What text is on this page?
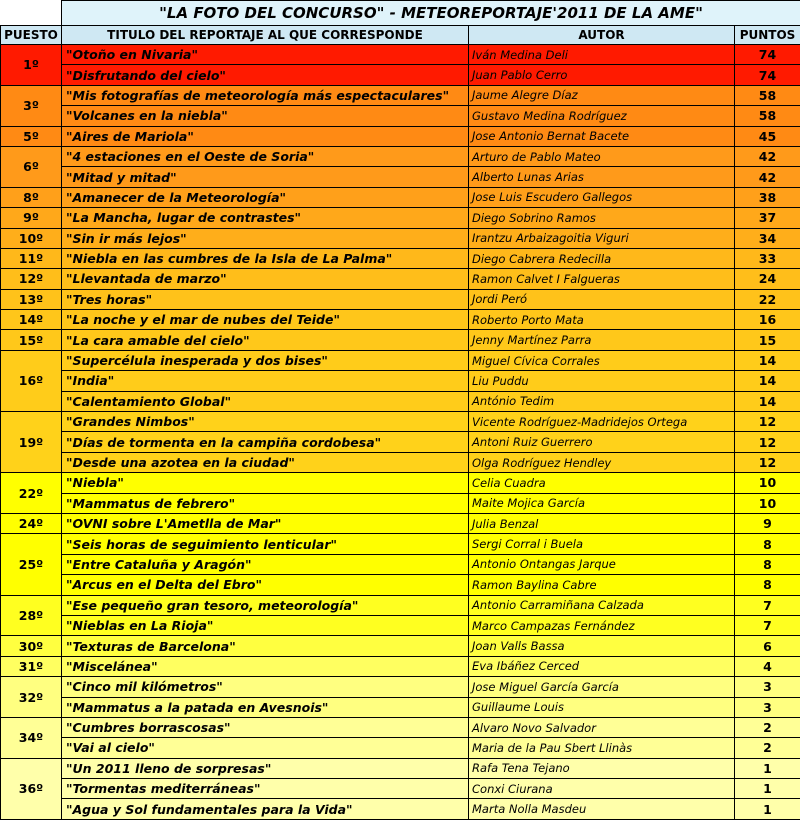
	"LA FOTO DEL CONCURSO" - METEOREPORTAJE'2011 DE LA AME"		
PUESTO	TITULO DEL REPORTAJE AL QUE CORRESPONDE	AUTOR	PUNTOS
1º	"Otoño en Nivaria"	Iván Medina Deli	74
	"Disfrutando del cielo"	Juan Pablo Cerro	74
3º	"Mis fotografías de meteorología más espectaculares"	Jaume Alegre Díaz	58
	"Volcanes en la niebla"	Gustavo Medina Rodríguez	58
5º	"Aires de Mariola"	Jose Antonio Bernat Bacete	45
6º	"4 estaciones en el Oeste de Soria"	Arturo de Pablo Mateo	42
	"Mitad y mitad"	Alberto Lunas Arias	42
8º	"Amanecer de la Meteorología"	Jose Luis Escudero Gallegos	38
9º	"La Mancha, lugar de contrastes"	Diego Sobrino Ramos	37
10º	"Sin ir más lejos"	Irantzu Arbaizagoitia Viguri	34
11º	"Niebla en las cumbres de la Isla de La Palma"	Diego Cabrera Redecilla	33
12º	"Llevantada de marzo"	Ramon Calvet I Falgueras	24
13º	"Tres horas"	Jordi Peró	22
14º	"La noche y el mar de nubes del Teide"	Roberto Porto Mata	16
15º	"La cara amable del cielo"	Jenny Martínez Parra	15
16º	"Supercélula inesperada y dos bises"	Miguel Cívica Corrales	14
	"India"	Liu Puddu	14
	"Calentamiento Global"	António Tedim	14
19º	"Grandes Nimbos"	Vicente Rodríguez-Madridejos Ortega	12
	"Días de tormenta en la campiña cordobesa"	Antoni Ruiz Guerrero	12
	"Desde una azotea en la ciudad"	Olga Rodríguez Hendley	12
22º	"Niebla"	Celia Cuadra	10
	"Mammatus de febrero"	Maite Mojica García	10
24º	"OVNI sobre L'Ametlla de Mar"	Julia Benzal	9
25º	"Seis horas de seguimiento lenticular"	Sergi Corral i Buela	8
	"Entre Cataluña y Aragón"	Antonio Ontangas Jarque	8
	"Arcus en el Delta del Ebro"	Ramon Baylina Cabre	8
28º	"Ese pequeño gran tesoro, meteorología"	Antonio Carramiñana Calzada	7
	"Nieblas en La Rioja"	Marco Campazas Fernández	7
30º	"Texturas de Barcelona"	Joan Valls Bassa	6
31º	"Miscelánea"	Eva Ibáñez Cerced	4
32º	"Cinco mil kilómetros"	Jose Miguel García García	3
	"Mammatus a la patada en Avesnois"	Guillaume Louis	3
34º	"Cumbres borrascosas"	Alvaro Novo Salvador	2
	"Vai al cielo"	Maria de la Pau Sbert Llinàs	2
36º	"Un 2011 lleno de sorpresas"	Rafa Tena Tejano	1
	"Tormentas mediterráneas"	Conxi Ciurana	1
	"Agua y Sol fundamentales para la Vida"	Marta Nolla Masdeu	1
